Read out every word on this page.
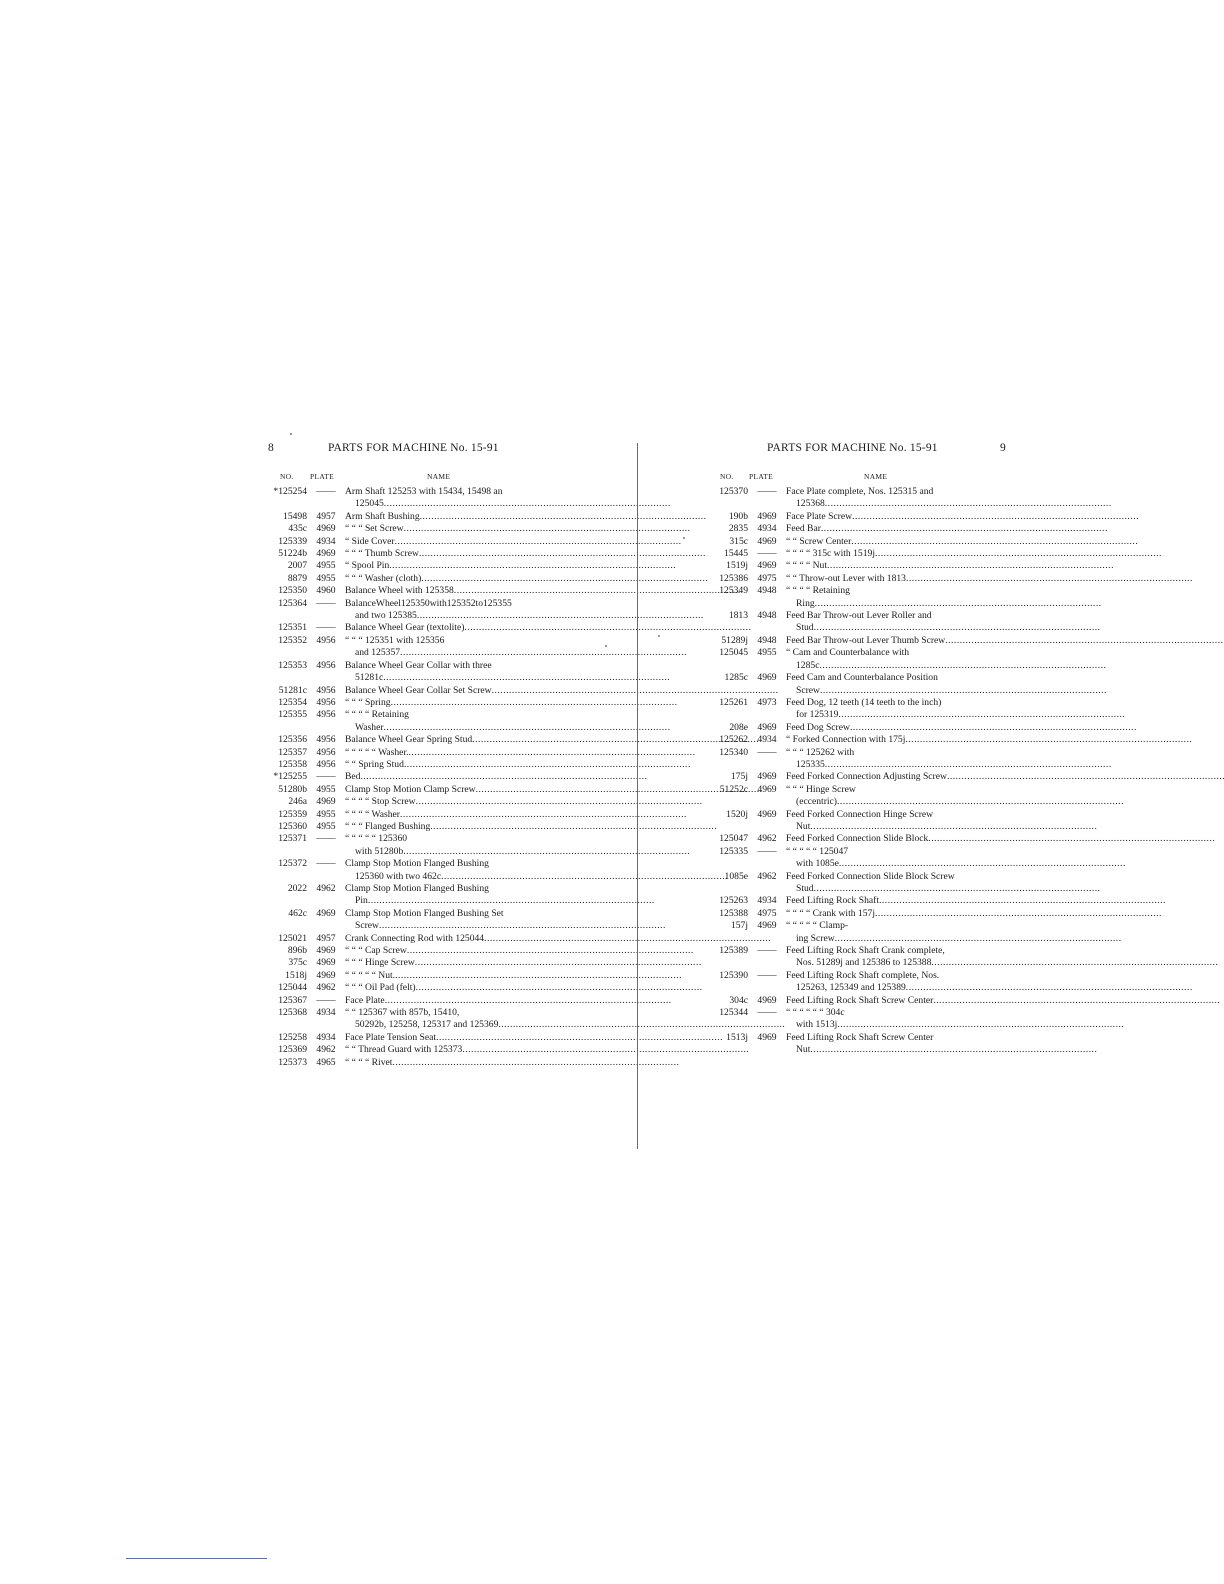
8	PARTS FOR MACHINE No. 15-91
NO. PLATE	NAME
*125254 —— Arm Shaft 125253 with 15434, 15498 an
125045
.....
15498 4957 Arm Shaft Bushing
.....
435c 4969 “ “ “ Set Screw
.....
125339 4934 “ Side Cover
.....
51224b 4969 “ “ “ Thumb Screw
.....
2007 4955 “ Spool Pin
.....
8879 4955 “ “ “ Washer (cloth)
.....
125350 4960 Balance Wheel with 125358
.....
125364 —— BalanceWheel125350with125352to125355
and two 125385
.....
125351 —— Balance Wheel Gear (textolite)
.....
125352 4956 “ “ “ 125351 with 125356
and 125357
.....
125353 4956 Balance Wheel Gear Collar with three
51281c
.....
51281c 4956 Balance Wheel Gear Collar Set Screw
.....
125354 4956 “ “ “ Spring
.....
125355 4956 “ “ “ “ Retaining
Washer
.....
125356 4956 Balance Wheel Gear Spring Stud
.....
125357 4956 “ “ “ “ “ Washer.
.....
125358 4956 “ “ Spring Stud
.....
*125255 —— Bed
.....
51280b 4955 Clamp Stop Motion Clamp Screw
.....
246a 4969 “ “ “ “ Stop Screw
.....
125359 4955 “ “ “ “ Washer
.....
125360 4955 “ “ “ Flanged Bushing
.....
125371 —— “ “ “ “ “ 125360
with 51280b
.....
125372 —— Clamp Stop Motion Flanged Bushing
125360 with two 462c
.....
2022 4962 Clamp Stop Motion Flanged Bushing
Pin
.....
462c 4969 Clamp Stop Motion Flanged Bushing Set
Screw
.....
125021 4957 Crank Connecting Rod with 125044
.....
896b 4969 “ “ “ Cap Screw
.....
375c 4969 “ “ “ Hinge Screw
.....
1518j 4969 “ “ “ “ “ Nut.
.....
125044 4962 “ “ “ Oil Pad (felt)
.....
125367 —— Face Plate
.....
125368 4934 “ “ 125367 with 857b, 15410,
50292b, 125258, 125317 and 125369
.....
125258 4934 Face Plate Tension Seat
.....
125369 4962 “ “ Thread Guard with 125373
.....
125373 4965 “ “ “ “ Rivet
.....
PARTS FOR MACHINE No. 15-91	9
NO. PLATE	NAME
125370 —— Face Plate complete, Nos. 125315 and
125368
.....
190b 4969 Face Plate Screw
.....
2835 4934 Feed Bar
.....
315c 4969 “ “ Screw Center
.....
15445 —— “ “ “ “ 315c with 1519j
.....
1519j 4969 “ “ “ “ Nut
.....
125386 4975 “ “ Throw-out Lever with 1813
.....
125349 4948 “ “ “ “ Retaining
Ring
.....
1813 4948 Feed Bar Throw-out Lever Roller and
Stud
.....
51289j 4948 Feed Bar Throw-out Lever Thumb Screw
.....
125045 4955 “ Cam and Counterbalance with
1285c
.....
1285c 4969 Feed Cam and Counterbalance Position
Screw
.....
125261 4973 Feed Dog, 12 teeth (14 teeth to the inch)
for 125319
.....
208e 4969 Feed Dog Screw
.....
125262 4934 “ Forked Connection with 175j
.....
125340 —— “ “ “ 125262 with
125335
.....
175j 4969 Feed Forked Connection Adjusting Screw
.....
51252c 4969 “ “ “ Hinge Screw
(eccentric)
.....
1520j 4969 Feed Forked Connection Hinge Screw
Nut
.....
125047 4962 Feed Forked Connection Slide Block
.....
125335 —— “ “ “ “ “ 125047
with 1085e
.....
1085e 4962 Feed Forked Connection Slide Block Screw
Stud
.....
125263 4934 Feed Lifting Rock Shaft
.....
125388 4975 “ “ “ “ Crank with 157j
.....
157j 4969 “ “ “ “ “ Clamp-
ing Screw
.....
125389 —— Feed Lifting Rock Shaft Crank complete,
Nos. 51289j and 125386 to 125388
.....
125390 —— Feed Lifting Rock Shaft complete, Nos.
125263, 125349 and 125389
.....
304c 4969 Feed Lifting Rock Shaft Screw Center
.....
125344 —— “ “ “ “ “ “ 304c
with 1513j
.....
1513j 4969 Feed Lifting Rock Shaft Screw Center
Nut
.....
